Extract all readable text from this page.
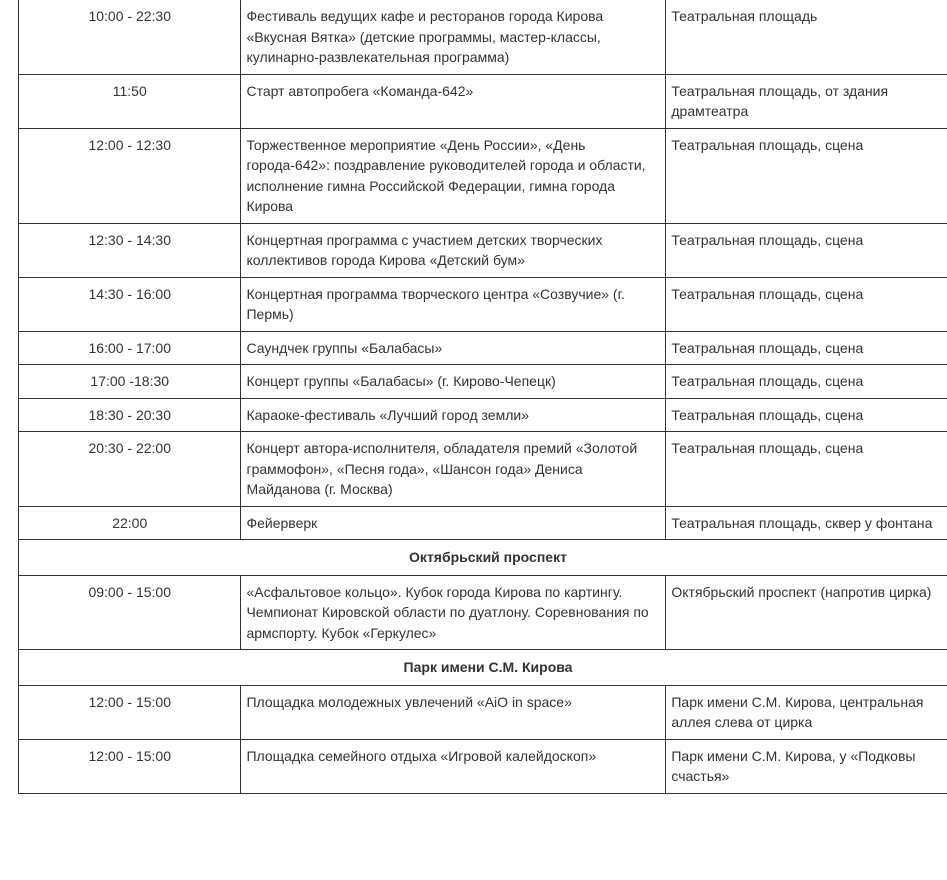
10:00 - 22:30	Фестиваль ведущих кафе и ресторанов города Кирова «Вкусная Вятка» (детские программы, мастер-классы, кулинарно-развлекательная программа)	Театральная площадь
11:50	Старт автопробега «Команда-642»	Театральная площадь, от здания драмтеатра
12:00 - 12:30	Торжественное мероприятие «День России», «День города-642»: поздравление руководителей города и области, исполнение гимна Российской Федерации, гимна города Кирова	Театральная площадь, сцена
12:30 - 14:30	Концертная программа с участием детских творческих коллективов города Кирова «Детский бум»	Театральная площадь, сцена
14:30 - 16:00	Концертная программа творческого центра «Созвучие» (г. Пермь)	Театральная площадь, сцена
16:00 - 17:00	Саундчек группы «Балабасы»	Театральная площадь, сцена
17:00 -18:30	Концерт группы «Балабасы» (г. Кирово-Чепецк)	Театральная площадь, сцена
18:30 - 20:30	Караоке-фестиваль «Лучший город земли»	Театральная площадь, сцена
20:30 - 22:00	Концерт автора-исполнителя, обладателя премий «Золотой граммофон», «Песня года», «Шансон года» Дениса Майданова (г. Москва)	Театральная площадь, сцена
22:00	Фейерверк	Театральная площадь, сквер у фонтана
Октябрьский проспект		
09:00 - 15:00	«Асфальтовое кольцо». Кубок города Кирова по картингу. Чемпионат Кировской области по дуатлону. Соревнования по армспорту. Кубок «Геркулес»	Октябрьский проспект (напротив цирка)
Парк имени С.М. Кирова		
12:00 - 15:00	Площадка молодежных увлечений «AiO in space»	Парк имени С.М. Кирова, центральная аллея слева от цирка
12:00 - 15:00	Площадка семейного отдыха «Игровой калейдоскоп»	Парк имени С.М. Кирова, у «Подковы счастья»
